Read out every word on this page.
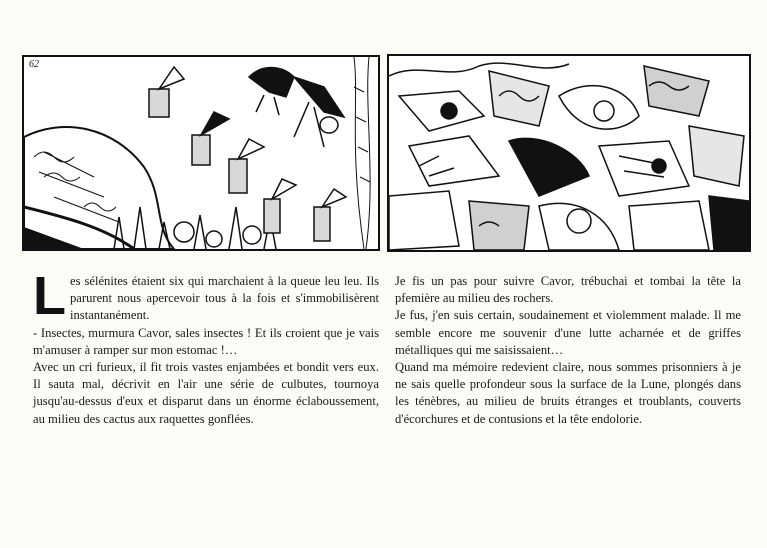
62

Les sélénites étaient six qui marchaient à la queue leu leu. Ils parurent nous apercevoir tous à la fois et s'immobilisèrent instantanément.

- Insectes, murmura Cavor, sales insectes ! Et ils croient que je vais m'amuser à ramper sur mon estomac !…

Avec un cri furieux, il fit trois vastes enjambées et bondit vers eux. Il sauta mal, décrivit en l'air une série de culbutes, tournoya jusqu'au-dessus d'eux et disparut dans un énorme éclaboussement, au milieu des cactus aux raquettes gonflées.

Je fis un pas pour suivre Cavor, trébuchai et tombai la tête la pfemière au milieu des rochers.

Je fus, j'en suis certain, soudainement et violemment malade. Il me semble encore me souvenir d'une lutte acharnée et de griffes métalliques qui me saisissaient…

Quand ma mémoire redevient claire, nous sommes prisonniers à je ne sais quelle profondeur sous la surface de la Lune, plongés dans les ténèbres, au milieu de bruits étranges et troublants, couverts d'écorchures et de contusions et la tête endolorie.
